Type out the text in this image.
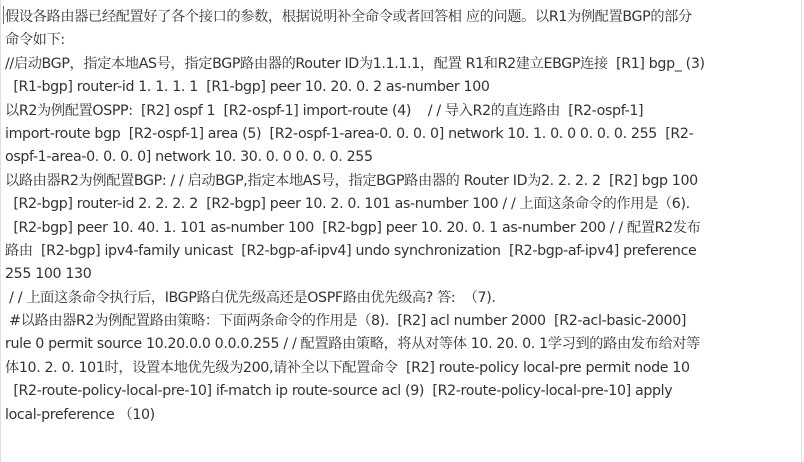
假设各路由器已经配置好了各个接口的参数，根据说明补全命令或者回答相 应的问题。以R1为例配置BGP的部分
命令如下:
//启动BGP，指定本地AS号，指定BGP路由器的Router ID为1.1.1.1，配置 R1和R2建立EBGP连接  [R1] bgp_ (3)
[R1-bgp] router-id 1. 1. 1. 1  [R1-bgp] peer 10. 20. 0. 2 as-number 100
以R2为例配置OSPP:  [R2] ospf 1  [R2-ospf-1] import-route (4)    / / 导入R2的直连路由  [R2-ospf-1]
import-route bgp  [R2-ospf-1] area (5)  [R2-ospf-1-area-0. 0. 0. 0] network 10. 1. 0. 0 0. 0. 0. 255  [R2-
ospf-1-area-0. 0. 0. 0] network 10. 30. 0. 0 0. 0. 0. 255
以路由器R2为例配置BGP: / / 启动BGP,指定本地AS号，指定BGP路由器的 Router ID为2. 2. 2. 2  [R2] bgp 100
[R2-bgp] router-id 2. 2. 2. 2  [R2-bgp] peer 10. 2. 0. 101 as-number 100 / / 上面这条命令的作用是（6).
[R2-bgp] peer 10. 40. 1. 101 as-number 100  [R2-bgp] peer 10. 20. 0. 1 as-number 200 / / 配置R2发布
路由  [R2-bgp] ipv4-family unicast  [R2-bgp-af-ipv4] undo synchronization  [R2-bgp-af-ipv4] preference
255 100 130
/ / 上面这条命令执行后，IBGP路白优先级高还是OSPF路由优先级高? 答:  （7).
#以路由器R2为例配置路由策略：下面两条命令的作用是（8).  [R2] acl number 2000  [R2-acl-basic-2000]
rule 0 permit source 10.20.0.0 0.0.0.255 / / 配置路由策略，将从对等体 10. 20. 0. 1学习到的路由发布给对等
体10. 2. 0. 101时，设置本地优先级为200,请补全以下配置命令  [R2] route-policy local-pre permit node 10
[R2-route-policy-local-pre-10] if-match ip route-source acl (9)  [R2-route-policy-local-pre-10] apply
local-preference （10)
